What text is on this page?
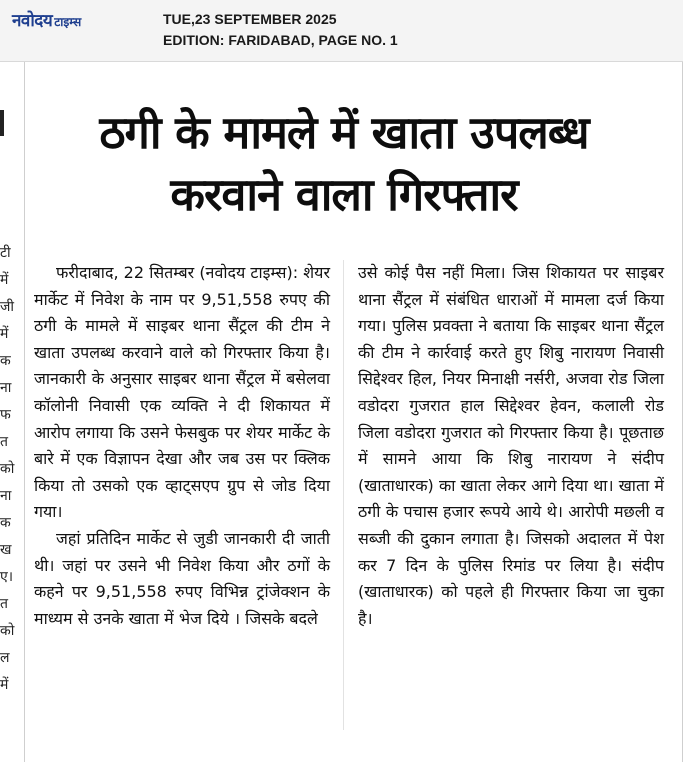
नवोदय टाइम्स	TUE,23 SEPTEMBER 2025
EDITION: FARIDABAD, PAGE NO. 1
टी
में
जी
में
क
ना
फ
त
को
ना
क
ख
ए।
त
को
ल
में
ठगी के मामले में खाता उपलब्ध
करवाने वाला गिरफ्तार

फरीदाबाद, 22 सितम्बर (नवोदय टाइम्स): शेयर मार्केट में निवेश के नाम पर 9,51,558 रुपए की ठगी के मामले में साइबर थाना सैंट्रल की टीम ने खाता उपलब्ध करवाने वाले को गिरफ्तार किया है। जानकारी के अनुसार साइबर थाना सैंट्रल में बसेलवा कॉलोनी निवासी एक व्यक्ति ने दी शिकायत में आरोप लगाया कि उसने फेसबुक पर शेयर मार्केट के बारे में एक विज्ञापन देखा और जब उस पर क्लिक किया तो उसको एक व्हाट्सएप ग्रुप से जोड दिया गया।

जहां प्रतिदिन मार्केट से जुडी जानकारी दी जाती थी। जहां पर उसने भी निवेश किया और ठगों के कहने पर 9,51,558 रुपए विभिन्न ट्रांजेक्शन के माध्यम से उनके खाता में भेज दिये । जिसके बदले

उसे कोई पैस नहीं मिला। जिस शिकायत पर साइबर थाना सैंट्रल में संबंधित धाराओं में मामला दर्ज किया गया। पुलिस प्रवक्ता ने बताया कि साइबर थाना सैंट्रल की टीम ने कार्रवाई करते हुए शिबु नारायण निवासी सिद्देश्वर हिल, नियर मिनाक्षी नर्सरी, अजवा रोड जिला वडोदरा गुजरात हाल सिद्देश्वर हेवन, कलाली रोड जिला वडोदरा गुजरात को गिरफ्तार किया है। पूछताछ में सामने आया कि शिबु नारायण ने संदीप (खाताधारक) का खाता लेकर आगे दिया था। खाता में ठगी के पचास हजार रूपये आये थे। आरोपी मछली व सब्जी की दुकान लगाता है। जिसको अदालत में पेश कर 7 दिन के पुलिस रिमांड पर लिया है। संदीप (खाताधारक) को पहले ही गिरफ्तार किया जा चुका है।
